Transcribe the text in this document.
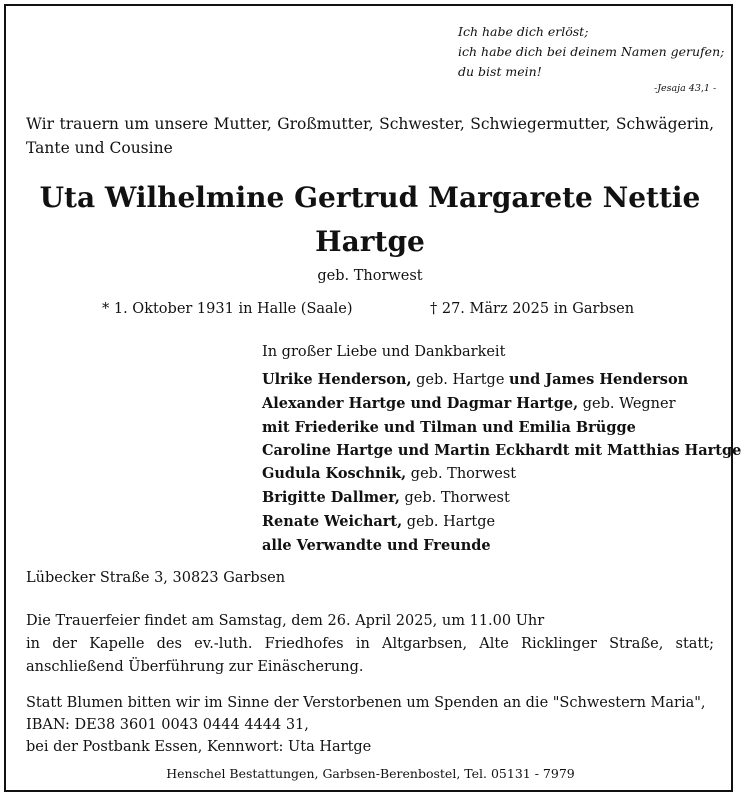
Ich habe dich erlöst;
ich habe dich bei deinem Namen gerufen;
du bist mein!
-Jesaja 43,1 -
Wir trauern um unsere Mutter, Großmutter, Schwester, Schwiegermutter, Schwägerin, Tante und Cousine
Uta Wilhelmine Gertrud Margarete Nettie
Hartge
geb. Thorwest
* 1. Oktober 1931 in Halle (Saale)	† 27. März 2025 in Garbsen
In großer Liebe und Dankbarkeit
Ulrike Henderson, geb. Hartge und James Henderson
Alexander Hartge und Dagmar Hartge, geb. Wegner
mit Friederike und Tilman und Emilia Brügge
Caroline Hartge und Martin Eckhardt mit Matthias Hartge
Gudula Koschnik, geb. Thorwest
Brigitte Dallmer, geb. Thorwest
Renate Weichart, geb. Hartge
alle Verwandte und Freunde
Lübecker Straße 3, 30823 Garbsen
Die Trauerfeier findet am Samstag, dem 26. April 2025, um 11.00 Uhr
in der Kapelle des ev.-luth. Friedhofes in Altgarbsen, Alte Ricklinger Straße, statt;
anschließend Überführung zur Einäscherung.
Statt Blumen bitten wir im Sinne der Verstorbenen um Spenden an die "Schwestern Maria",
IBAN: DE38 3601 0043 0444 4444 31,
bei der Postbank Essen, Kennwort: Uta Hartge
Henschel Bestattungen, Garbsen-Berenbostel, Tel. 05131 - 7979
